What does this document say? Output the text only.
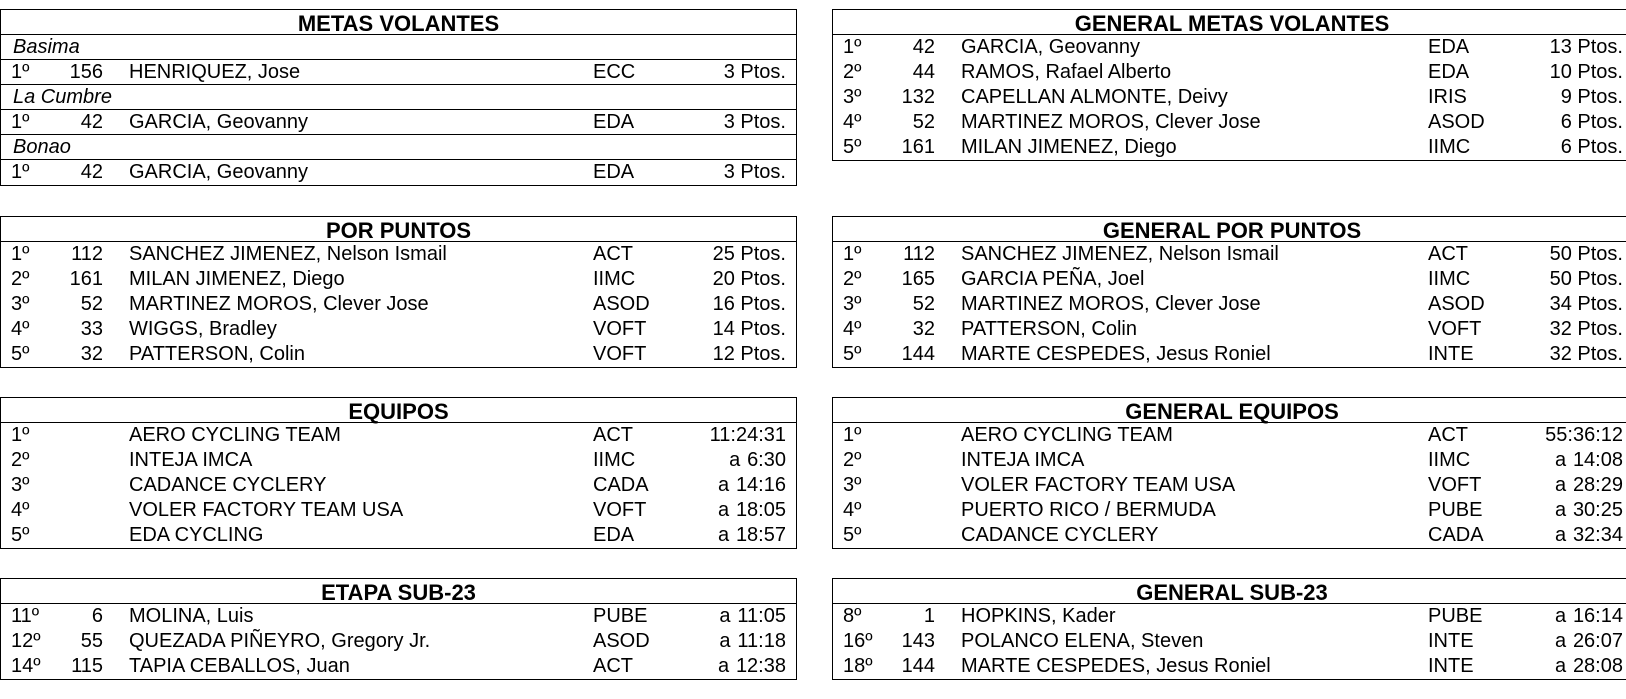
METAS VOLANTES
Basima
1º	156 HENRIQUEZ, Jose	ECC	3 Ptos.
La Cumbre
1º	42 GARCIA, Geovanny	EDA	3 Ptos.
Bonao
1º	42 GARCIA, Geovanny	EDA	3 Ptos.
GENERAL METAS VOLANTES
1º	42 GARCIA, Geovanny	EDA	13 Ptos.
2º	44 RAMOS, Rafael Alberto	EDA	10 Ptos.
3º	132 CAPELLAN ALMONTE, Deivy	IRIS	9 Ptos.
4º	52 MARTINEZ MOROS, Clever Jose	ASOD	6 Ptos.
5º	161 MILAN JIMENEZ, Diego	IIMC	6 Ptos.
POR PUNTOS
1º	112 SANCHEZ JIMENEZ, Nelson Ismail	ACT	25 Ptos.
2º	161 MILAN JIMENEZ, Diego	IIMC	20 Ptos.
3º	52 MARTINEZ MOROS, Clever Jose	ASOD	16 Ptos.
4º	33 WIGGS, Bradley	VOFT	14 Ptos.
5º	32 PATTERSON, Colin	VOFT	12 Ptos.
GENERAL POR PUNTOS
1º	112 SANCHEZ JIMENEZ, Nelson Ismail	ACT	50 Ptos.
2º	165 GARCIA PEÑA, Joel	IIMC	50 Ptos.
3º	52 MARTINEZ MOROS, Clever Jose	ASOD	34 Ptos.
4º	32 PATTERSON, Colin	VOFT	32 Ptos.
5º	144 MARTE CESPEDES, Jesus Roniel	INTE	32 Ptos.
EQUIPOS
1º	AERO CYCLING TEAM	ACT	11:24:31
2º	INTEJA IMCA	IIMC	a 6:30
3º	CADANCE CYCLERY	CADA	a 14:16
4º	VOLER FACTORY TEAM USA	VOFT	a 18:05
5º	EDA CYCLING	EDA	a 18:57
GENERAL EQUIPOS
1º	AERO CYCLING TEAM	ACT	55:36:12
2º	INTEJA IMCA	IIMC	a 14:08
3º	VOLER FACTORY TEAM USA	VOFT	a 28:29
4º	PUERTO RICO / BERMUDA	PUBE	a 30:25
5º	CADANCE CYCLERY	CADA	a 32:34
ETAPA SUB-23
11º	6 MOLINA, Luis	PUBE	a 11:05
12º	55 QUEZADA PIÑEYRO, Gregory Jr.	ASOD	a 11:18
14º	115 TAPIA CEBALLOS, Juan	ACT	a 12:38
GENERAL SUB-23
8º	1 HOPKINS, Kader	PUBE	a 16:14
16º	143 POLANCO ELENA, Steven	INTE	a 26:07
18º	144 MARTE CESPEDES, Jesus Roniel	INTE	a 28:08
